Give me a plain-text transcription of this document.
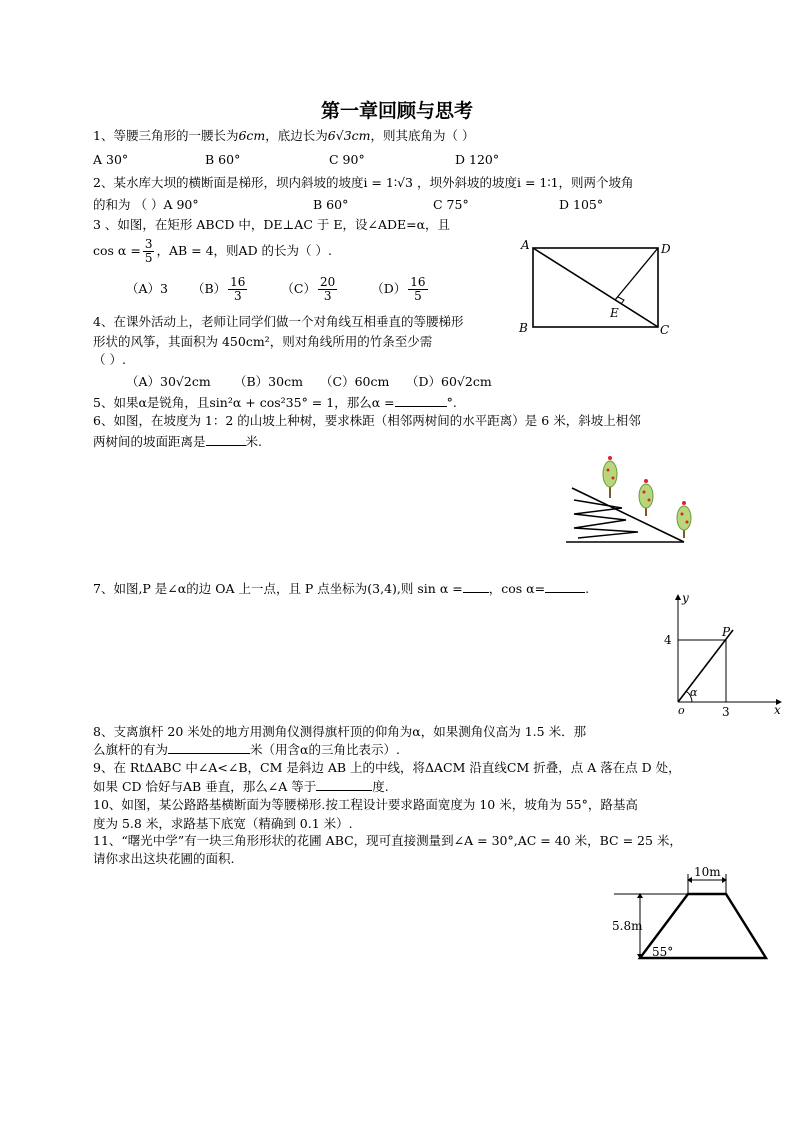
第一章回顾与思考
1、等腰三角形的一腰长为6cm，底边长为6√3cm，则其底角为（ ）
A 30°	B 60°	C 90°	D 120°
2、某水库大坝的横断面是梯形，坝内斜坡的坡度i = 1∶√3 ，坝外斜坡的坡度i = 1∶1，则两个坡角
的和为 （ ）A 90°	B 60°	C 75°	D 105°
3 、如图，在矩形 ABCD 中，DE⊥AC 于 E，设∠ADE=α，且
$\cos \alpha = \frac{3}{5}$ ，AB = 4，则AD 的长为（ ）.
（A）3 $(B) \frac{16}{3}$	$(C) \frac{20}{3}$	$(D) \frac{16}{5}$
A	D
B	C
E
4、在课外活动上，老师让同学们做一个对角线互相垂直的等腰梯形
形状的风筝，其面积为 450cm²，则对角线所用的竹条至少需
（ ）.
（A）30√2cm （B）30cm （C）60cm （D）60√2cm
5、如果α是锐角，且sin²α + cos²35° = 1，那么α =	°.
6、如图，在坡度为 1：2 的山坡上种树，要求株距（相邻两树间的水平距离）是 6 米，斜坡上相邻
两树间的坡面距离是	米.
7、如图,P 是∠α的边 OA 上一点，且 P 点坐标为(3,4),则 sin α = ，cos α=	.
y
x
P
4
3
o
α
8、支离旗杆 20 米处的地方用测角仪测得旗杆顶的仰角为α，如果测角仪高为 1.5 米．那
么旗杆的有为	米（用含α的三角比表示）.
9、在 RtΔABC 中∠A<∠B，CM 是斜边 AB 上的中线，将ΔACM 沿直线CM 折叠，点 A 落在点 D 处，
如果 CD 恰好与AB 垂直，那么∠A 等于	度.
10、如图，某公路路基横断面为等腰梯形.按工程设计要求路面宽度为 10 米，坡角为 55°，路基高
度为 5.8 米，求路基下底宽（精确到 0.1 米）.
11、“曙光中学”有一块三角形形状的花圃 ABC，现可直接测量到∠A = 30°,AC = 40 米，BC = 25 米，
请你求出这块花圃的面积.
10m
5.8m
55°
